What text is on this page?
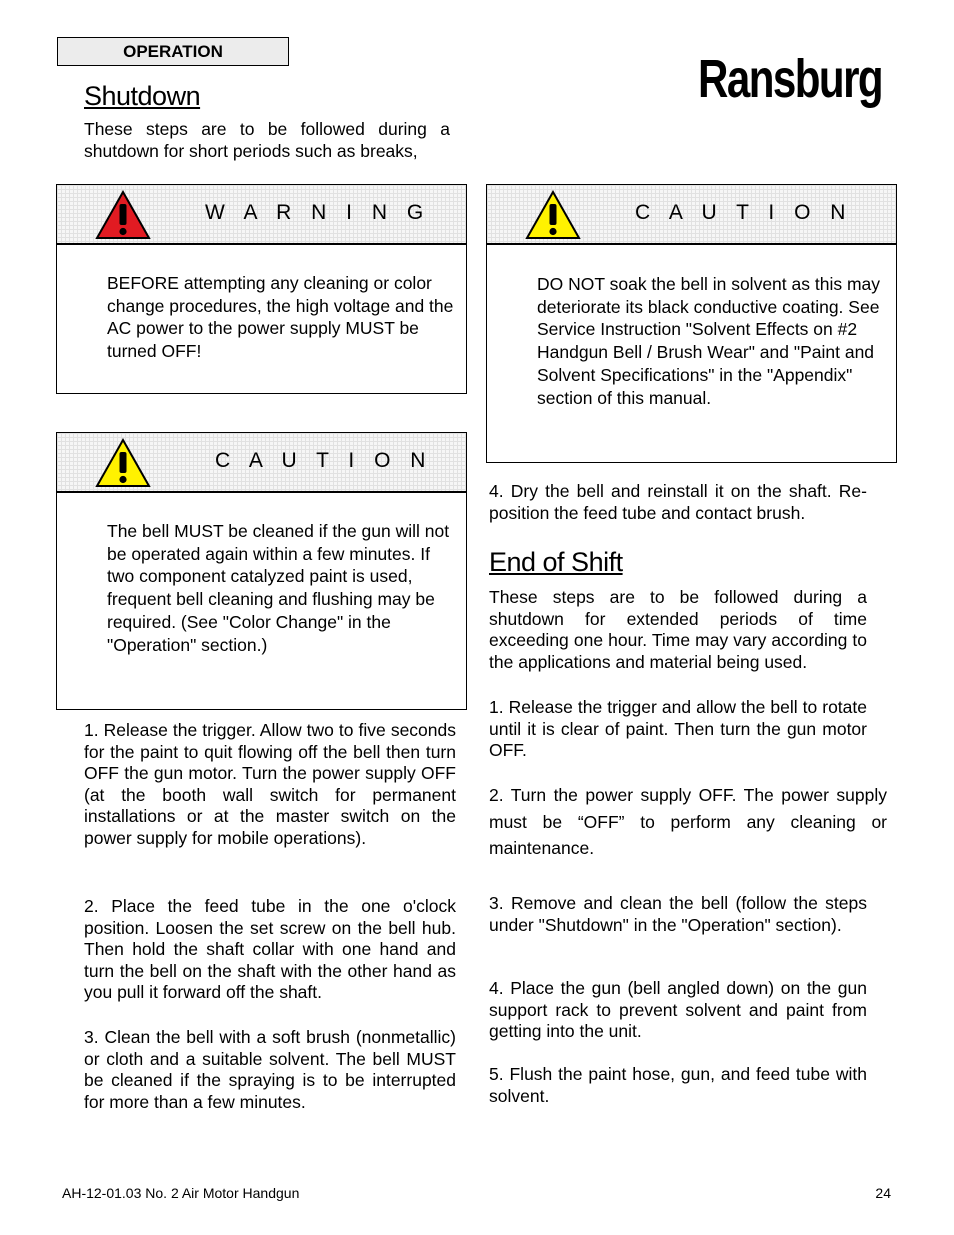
OPERATION	Ransburg
Shutdown
These steps are to be followed during a shutdown for short periods such as breaks,
W A R N I N G
BEFORE attempting any cleaning or color change procedures, the high voltage and the AC power to the power supply MUST be turned OFF!
C A U T I O N
The bell MUST be cleaned if the gun will not be operated again within a few minutes. If two component catalyzed paint is used, frequent bell cleaning and flushing may be required. (See "Color Change" in the "Operation" section.)
1. Release the trigger. Allow two to five seconds for the paint to quit flowing off the bell then turn OFF the gun motor. Turn the power supply OFF (at the booth wall switch for permanent installations or at the master switch on the power supply for mobile operations).
2. Place the feed tube in the one o'clock position. Loosen the set screw on the bell hub. Then hold the shaft collar with one hand and turn the bell on the shaft with the other hand as you pull it forward off the shaft.
3. Clean the bell with a soft brush (nonmetallic) or cloth and a suitable solvent. The bell MUST be cleaned if the spraying is to be interrupted for more than a few minutes.
C A U T I O N
DO NOT soak the bell in solvent as this may deteriorate its black conductive coating. See Service Instruction "Solvent Effects on #2 Handgun Bell / Brush Wear" and "Paint and Solvent Specifications" in the "Appendix" section of this manual.
4. Dry the bell and reinstall it on the shaft. Re-position the feed tube and contact brush.
End of Shift
These steps are to be followed during a shutdown for extended periods of time exceeding one hour. Time may vary according to the applications and material being used.
1. Release the trigger and allow the bell to rotate until it is clear of paint. Then turn the gun motor OFF.
2. Turn the power supply OFF. The power supply must be “OFF” to perform any cleaning or maintenance.
3. Remove and clean the bell (follow the steps under "Shutdown" in the "Operation" section).
4. Place the gun (bell angled down) on the gun support rack to prevent solvent and paint from getting into the unit.
5. Flush the paint hose, gun, and feed tube with solvent.
AH-12-01.03 No. 2 Air Motor Handgun	24
